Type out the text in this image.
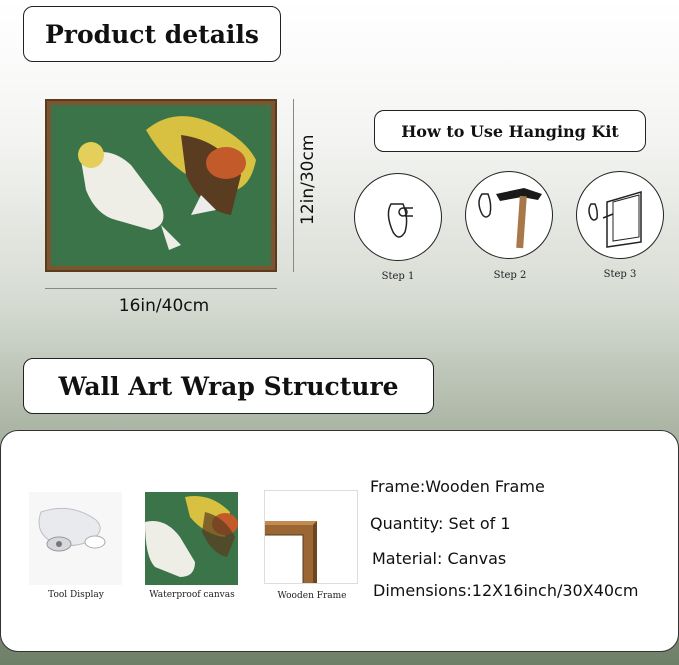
Product details
16in/40cm
12in/30cm
How to Use Hanging Kit
Step 1	Step 2	Step 3
Wall Art Wrap Structure
Tool Display	Waterproof canvas	Wooden Frame
Frame:Wooden Frame
Quantity: Set of 1
Material: Canvas
Dimensions:12X16inch/30X40cm
